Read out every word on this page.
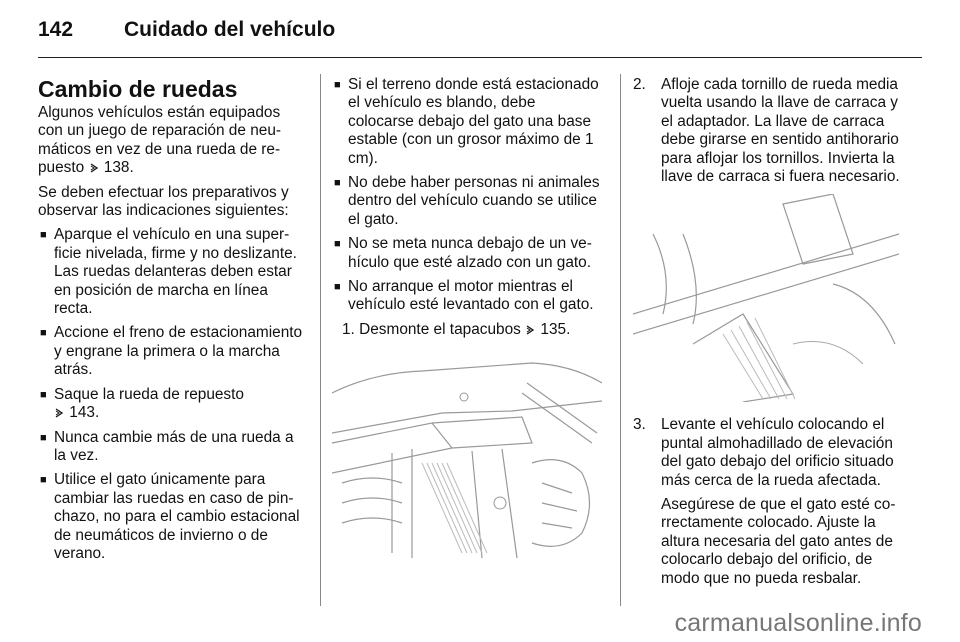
142	Cuidado del vehículo
Cambio de ruedas

Algunos vehículos están equipados con un juego de reparación de neumáticos en vez de una rueda de repuesto 138.

Se deben efectuar los preparativos y observar las indicaciones siguientes:

■ Aparque el vehículo en una superficie nivelada, firme y no deslizante. Las ruedas delanteras deben estar en posición de marcha en línea recta.
■ Accione el freno de estacionamiento y engrane la primera o la marcha atrás.
■ Saque la rueda de repuesto
143.
■ Nunca cambie más de una rueda a la vez.
■ Utilice el gato únicamente para cambiar las ruedas en caso de pinchazo, no para el cambio estacional de neumáticos de invierno o de verano.
■ Si el terreno donde está estacionado el vehículo es blando, debe colocarse debajo del gato una base estable (con un grosor máximo de 1 cm).
■ No debe haber personas ni animales dentro del vehículo cuando se utilice el gato.
■ No se meta nunca debajo de un vehículo que esté alzado con un gato.
■ No arranque el motor mientras el vehículo esté levantado con el gato.
1. Desmonte el tapacubos 135.
2. Afloje cada tornillo de rueda media vuelta usando la llave de carraca y el adaptador. La llave de carraca debe girarse en sentido antihorario para aflojar los tornillos. Invierta la llave de carraca si fuera necesario.
3. Levante el vehículo colocando el puntal almohadillado de elevación del gato debajo del orificio situado más cerca de la rueda afectada.

Asegúrese de que el gato esté correctamente colocado. Ajuste la altura necesaria del gato antes de colocarlo debajo del orificio, de modo que no pueda resbalar.

carmanualsonline.info
